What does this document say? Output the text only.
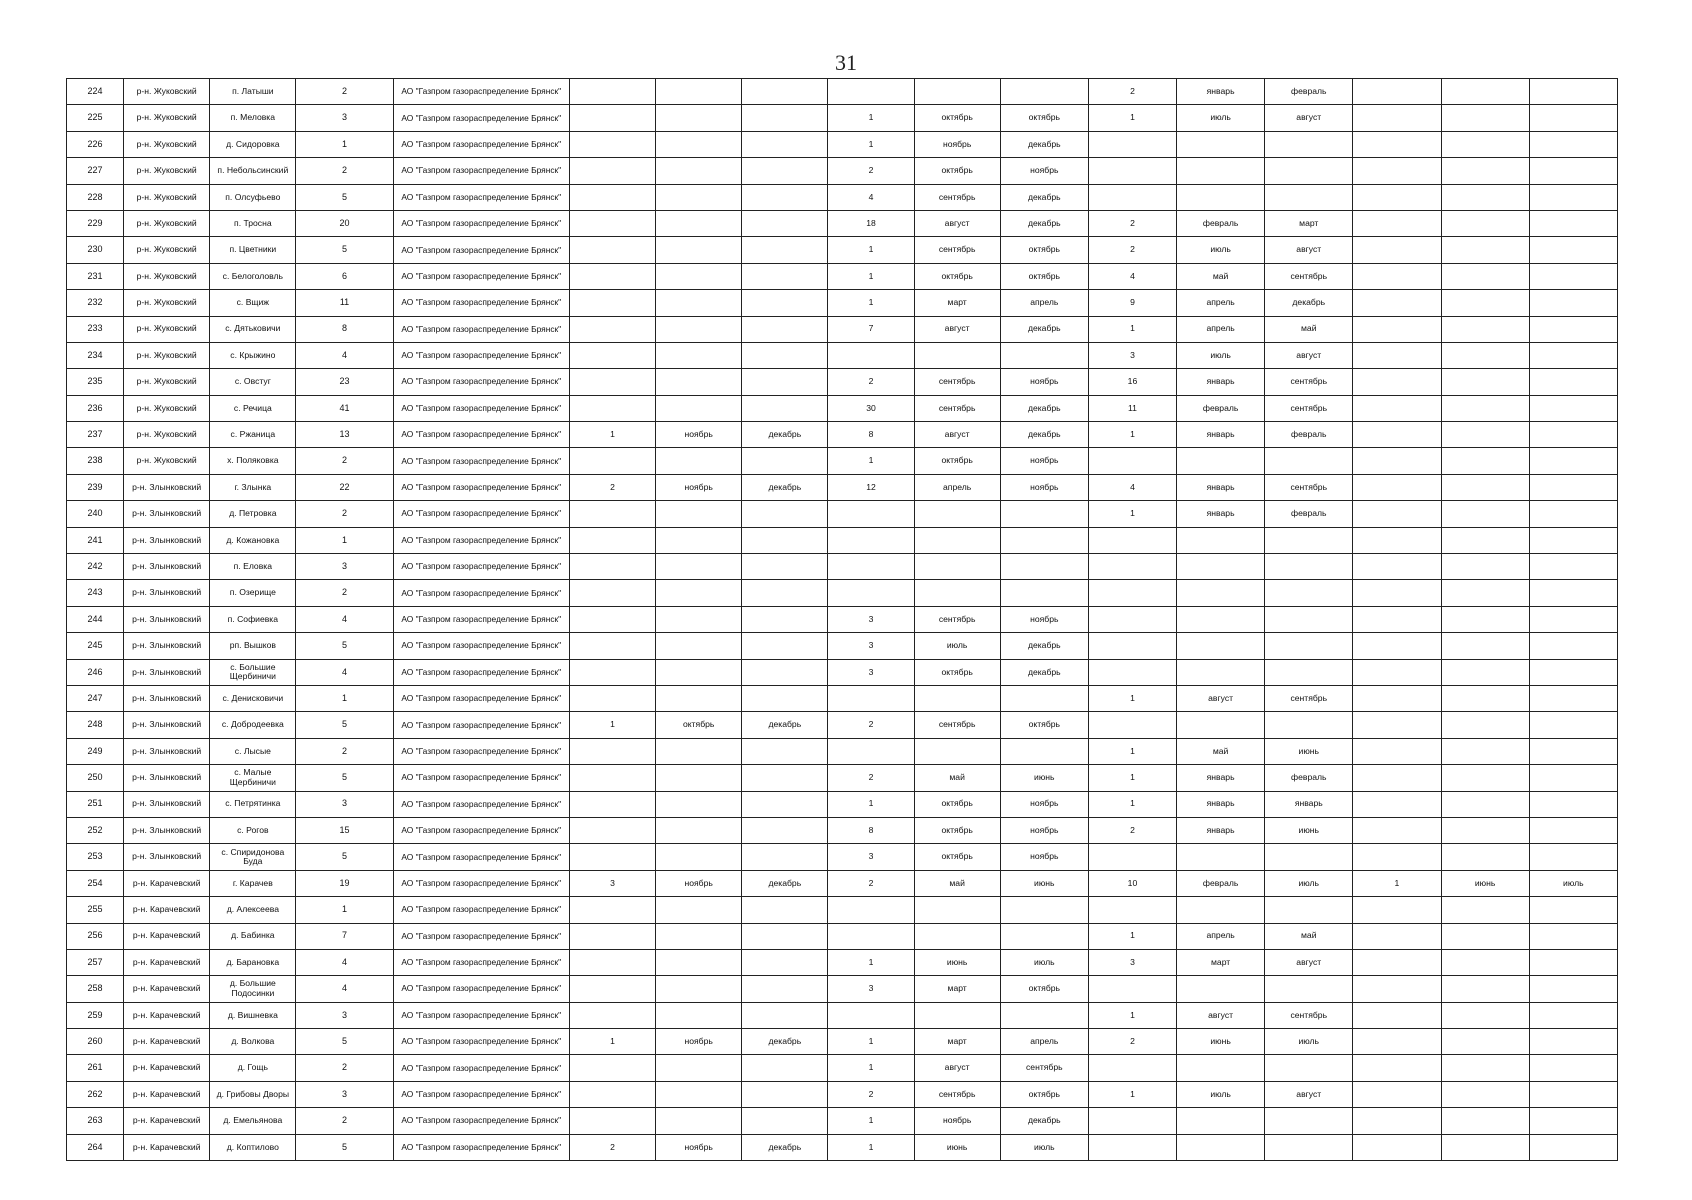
31
224	р-н. Жуковский	п. Латыши	2	АО "Газпром газораспределение Брянск"							2	январь	февраль			
225	р-н. Жуковский	п. Меловка	3	АО "Газпром газораспределение Брянск"				1	октябрь	октябрь	1	июль	август			
226	р-н. Жуковский	д. Сидоровка	1	АО "Газпром газораспределение Брянск"				1	ноябрь	декабрь						
227	р-н. Жуковский	п. Небольсинский	2	АО "Газпром газораспределение Брянск"				2	октябрь	ноябрь						
228	р-н. Жуковский	п. Олсуфьево	5	АО "Газпром газораспределение Брянск"				4	сентябрь	декабрь						
229	р-н. Жуковский	п. Тросна	20	АО "Газпром газораспределение Брянск"				18	август	декабрь	2	февраль	март			
230	р-н. Жуковский	п. Цветники	5	АО "Газпром газораспределение Брянск"				1	сентябрь	октябрь	2	июль	август			
231	р-н. Жуковский	с. Белоголовль	6	АО "Газпром газораспределение Брянск"				1	октябрь	октябрь	4	май	сентябрь			
232	р-н. Жуковский	с. Вщиж	11	АО "Газпром газораспределение Брянск"				1	март	апрель	9	апрель	декабрь			
233	р-н. Жуковский	с. Дятьковичи	8	АО "Газпром газораспределение Брянск"				7	август	декабрь	1	апрель	май			
234	р-н. Жуковский	с. Крыжино	4	АО "Газпром газораспределение Брянск"							3	июль	август			
235	р-н. Жуковский	с. Овстуг	23	АО "Газпром газораспределение Брянск"				2	сентябрь	ноябрь	16	январь	сентябрь			
236	р-н. Жуковский	с. Речица	41	АО "Газпром газораспределение Брянск"				30	сентябрь	декабрь	11	февраль	сентябрь			
237	р-н. Жуковский	с. Ржаница	13	АО "Газпром газораспределение Брянск"	1	ноябрь	декабрь	8	август	декабрь	1	январь	февраль			
238	р-н. Жуковский	х. Поляковка	2	АО "Газпром газораспределение Брянск"				1	октябрь	ноябрь						
239	р-н. Злынковский	г. Злынка	22	АО "Газпром газораспределение Брянск"	2	ноябрь	декабрь	12	апрель	ноябрь	4	январь	сентябрь			
240	р-н. Злынковский	д. Петровка	2	АО "Газпром газораспределение Брянск"							1	январь	февраль			
241	р-н. Злынковский	д. Кожановка	1	АО "Газпром газораспределение Брянск"												
242	р-н. Злынковский	п. Еловка	3	АО "Газпром газораспределение Брянск"												
243	р-н. Злынковский	п. Озерище	2	АО "Газпром газораспределение Брянск"												
244	р-н. Злынковский	п. Софиевка	4	АО "Газпром газораспределение Брянск"				3	сентябрь	ноябрь						
245	р-н. Злынковский	рп. Вышков	5	АО "Газпром газораспределение Брянск"				3	июль	декабрь						
246	р-н. Злынковский	с. Большие Щербиничи	4	АО "Газпром газораспределение Брянск"				3	октябрь	декабрь						
247	р-н. Злынковский	с. Денисковичи	1	АО "Газпром газораспределение Брянск"							1	август	сентябрь			
248	р-н. Злынковский	с. Добродеевка	5	АО "Газпром газораспределение Брянск"	1	октябрь	декабрь	2	сентябрь	октябрь						
249	р-н. Злынковский	с. Лысые	2	АО "Газпром газораспределение Брянск"							1	май	июнь			
250	р-н. Злынковский	с. Малые Щербиничи	5	АО "Газпром газораспределение Брянск"				2	май	июнь	1	январь	февраль			
251	р-н. Злынковский	с. Петрятинка	3	АО "Газпром газораспределение Брянск"				1	октябрь	ноябрь	1	январь	январь			
252	р-н. Злынковский	с. Рогов	15	АО "Газпром газораспределение Брянск"				8	октябрь	ноябрь	2	январь	июнь			
253	р-н. Злынковский	с. Спиридонова Буда	5	АО "Газпром газораспределение Брянск"				3	октябрь	ноябрь						
254	р-н. Карачевский	г. Карачев	19	АО "Газпром газораспределение Брянск"	3	ноябрь	декабрь	2	май	июнь	10	февраль	июль	1	июнь	июль
255	р-н. Карачевский	д. Алексеева	1	АО "Газпром газораспределение Брянск"												
256	р-н. Карачевский	д. Бабинка	7	АО "Газпром газораспределение Брянск"							1	апрель	май			
257	р-н. Карачевский	д. Барановка	4	АО "Газпром газораспределение Брянск"				1	июнь	июль	3	март	август			
258	р-н. Карачевский	д. Большие Подосинки	4	АО "Газпром газораспределение Брянск"				3	март	октябрь						
259	р-н. Карачевский	д. Вишневка	3	АО "Газпром газораспределение Брянск"							1	август	сентябрь			
260	р-н. Карачевский	д. Волкова	5	АО "Газпром газораспределение Брянск"	1	ноябрь	декабрь	1	март	апрель	2	июнь	июль			
261	р-н. Карачевский	д. Гощь	2	АО "Газпром газораспределение Брянск"				1	август	сентябрь						
262	р-н. Карачевский	д. Грибовы Дворы	3	АО "Газпром газораспределение Брянск"				2	сентябрь	октябрь	1	июль	август			
263	р-н. Карачевский	д. Емельянова	2	АО "Газпром газораспределение Брянск"				1	ноябрь	декабрь						
264	р-н. Карачевский	д. Коптилово	5	АО "Газпром газораспределение Брянск"	2	ноябрь	декабрь	1	июнь	июль						
